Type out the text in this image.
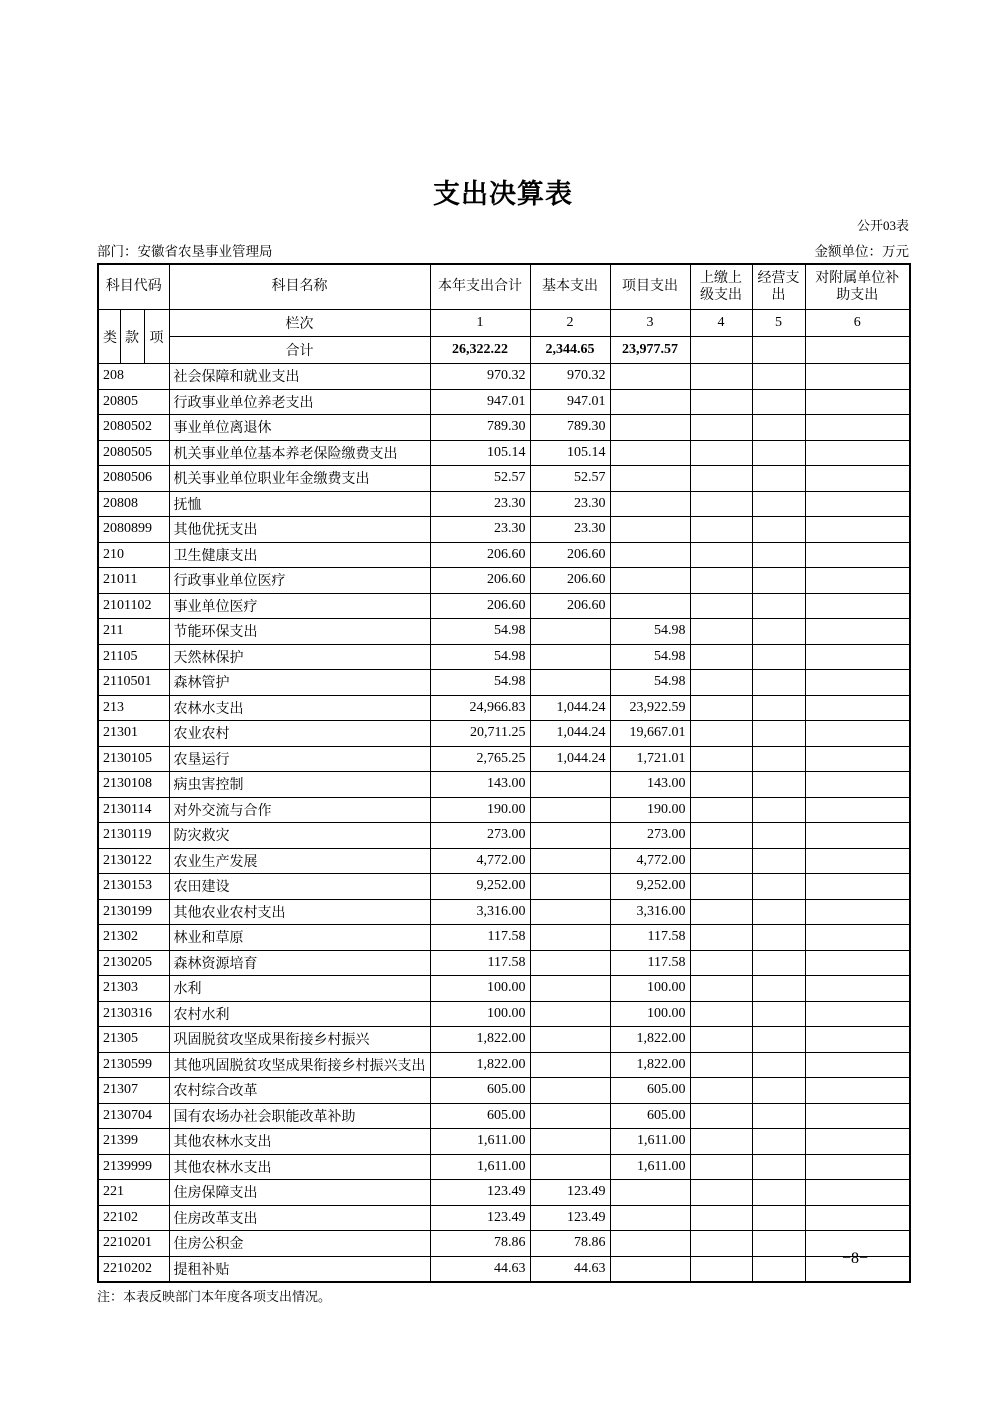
支出决算表
公开03表
部门：安徽省农垦事业管理局	金额单位：万元
科目代码			科目名称	本年支出合计	基本支出	项目支出	上缴上级支出	经营支出	对附属单位补助支出
类	款	项	栏次	1	2	3	4	5	6
			合计	26,322.22	2,344.65	23,977.57			
208			社会保障和就业支出	970.32	970.32				
20805			行政事业单位养老支出	947.01	947.01				
2080502			事业单位离退休	789.30	789.30				
2080505			机关事业单位基本养老保险缴费支出	105.14	105.14				
2080506			机关事业单位职业年金缴费支出	52.57	52.57				
20808			抚恤	23.30	23.30				
2080899			其他优抚支出	23.30	23.30				
210			卫生健康支出	206.60	206.60				
21011			行政事业单位医疗	206.60	206.60				
2101102			事业单位医疗	206.60	206.60				
211			节能环保支出	54.98		54.98			
21105			天然林保护	54.98		54.98			
2110501			森林管护	54.98		54.98			
213			农林水支出	24,966.83	1,044.24	23,922.59			
21301			农业农村	20,711.25	1,044.24	19,667.01			
2130105			农垦运行	2,765.25	1,044.24	1,721.01			
2130108			病虫害控制	143.00		143.00			
2130114			对外交流与合作	190.00		190.00			
2130119			防灾救灾	273.00		273.00			
2130122			农业生产发展	4,772.00		4,772.00			
2130153			农田建设	9,252.00		9,252.00			
2130199			其他农业农村支出	3,316.00		3,316.00			
21302			林业和草原	117.58		117.58			
2130205			森林资源培育	117.58		117.58			
21303			水利	100.00		100.00			
2130316			农村水利	100.00		100.00			
21305			巩固脱贫攻坚成果衔接乡村振兴	1,822.00		1,822.00			
2130599			其他巩固脱贫攻坚成果衔接乡村振兴支出	1,822.00		1,822.00			
21307			农村综合改革	605.00		605.00			
2130704			国有农场办社会职能改革补助	605.00		605.00			
21399			其他农林水支出	1,611.00		1,611.00			
2139999			其他农林水支出	1,611.00		1,611.00			
221			住房保障支出	123.49	123.49				
22102			住房改革支出	123.49	123.49				
2210201			住房公积金	78.86	78.86				
2210202			提租补贴	44.63	44.63				
注：本表反映部门本年度各项支出情况。
−8−
